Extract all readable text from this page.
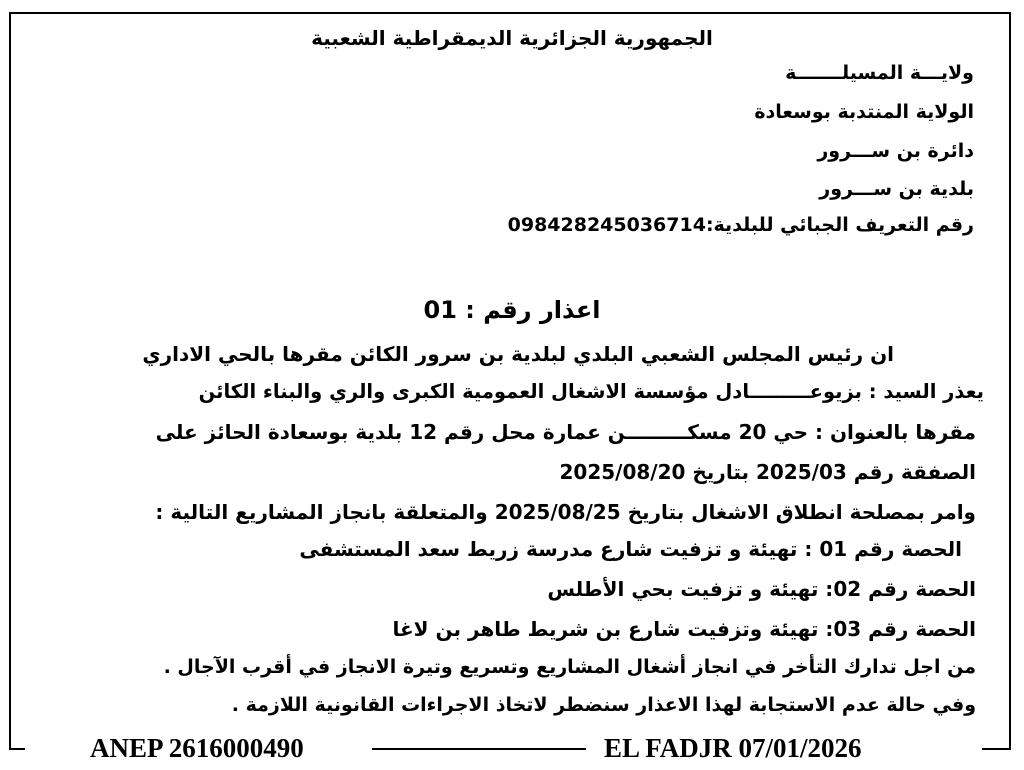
الجمهورية الجزائرية الديمقراطية الشعبية
ولايـــة المسيلـــــــة
الولاية المنتدبة بوسعادة
دائرة بن ســـرور
بلدية بن ســـرور
رقم التعريف الجبائي للبلدية:098428245036714
اعذار رقم : 01
ان رئيس المجلس الشعبي البلدي لبلدية بن سرور الكائن مقرها بالحي الاداري
يعذر السيد : بزيوعـــــــــادل مؤسسة الاشغال العمومية الكبرى والري والبناء الكائن
مقرها بالعنوان : حي 20 مسكـــــــــن عمارة محل رقم 12 بلدية بوسعادة الحائز على
الصفقة رقم 2025/03 بتاريخ 2025/08/20
وامر بمصلحة انطلاق الاشغال بتاريخ 2025/08/25 والمتعلقة بانجاز المشاريع التالية :
الحصة رقم 01 : تهيئة و تزفيت شارع مدرسة زريط سعد المستشفى
الحصة رقم 02: تهيئة و تزفيت بحي الأطلس
الحصة رقم 03: تهيئة وتزفيت شارع بن شريط طاهر بن لاغا
من اجل تدارك التأخر في انجاز أشغال المشاريع وتسريع وتيرة الانجاز في أقرب الآجال .
وفي حالة عدم الاستجابة لهذا الاعذار سنضطر لاتخاذ الاجراءات القانونية اللازمة .
ANEP 2616000490	EL FADJR 07/01/2026
